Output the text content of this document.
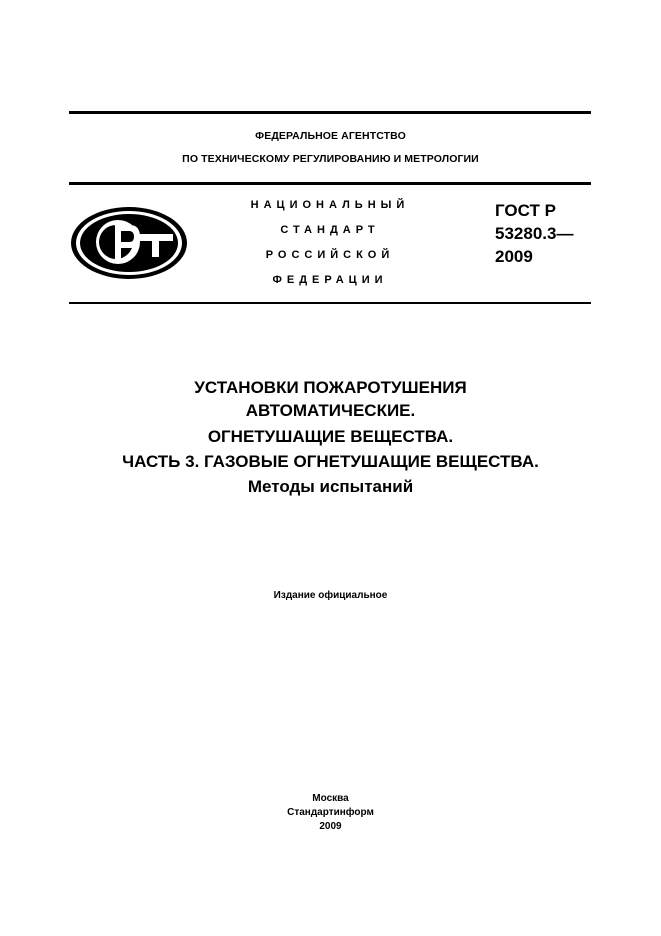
ФЕДЕРАЛЬНОЕ АГЕНТСТВО
ПО ТЕХНИЧЕСКОМУ РЕГУЛИРОВАНИЮ И МЕТРОЛОГИИ
НАЦИОНАЛЬНЫЙ
СТАНДАРТ
РОССИЙСКОЙ
ФЕДЕРАЦИИ
ГОСТ Р
53280.3—
2009
УСТАНОВКИ ПОЖАРОТУШЕНИЯ
АВТОМАТИЧЕСКИЕ.
ОГНЕТУШАЩИЕ ВЕЩЕСТВА.
ЧАСТЬ 3. ГАЗОВЫЕ ОГНЕТУШАЩИЕ ВЕЩЕСТВА.
Методы испытаний
Издание официальное
Москва
Стандартинформ
2009
